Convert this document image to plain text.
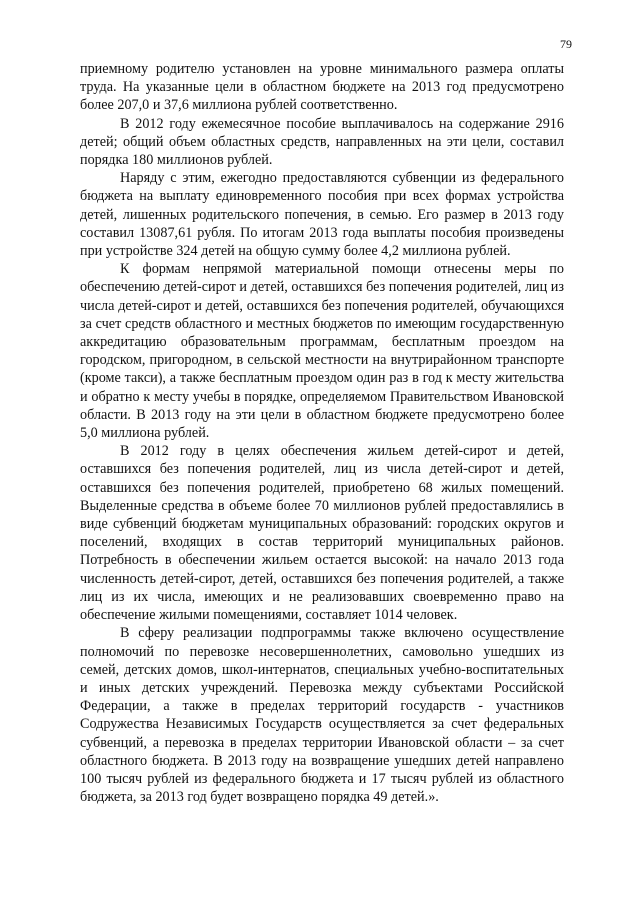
79

приемному родителю установлен на уровне минимального размера оплаты труда. На указанные цели в областном бюджете на 2013 год предусмотрено более 207,0 и 37,6 миллиона рублей соответственно.

В 2012 году ежемесячное пособие выплачивалось на содержание 2916 детей; общий объем областных средств, направленных на эти цели, составил порядка 180 миллионов рублей.

Наряду с этим, ежегодно предоставляются субвенции из федерального бюджета на выплату единовременного пособия при всех формах устройства детей, лишенных родительского попечения, в семью. Его размер в 2013 году составил 13087,61 рубля. По итогам 2013 года выплаты пособия произведены при устройстве 324 детей на общую сумму более 4,2 миллиона рублей.

К формам непрямой материальной помощи отнесены меры по обеспечению детей-сирот и детей, оставшихся без попечения родителей, лиц из числа детей-сирот и детей, оставшихся без попечения родителей, обучающихся за счет средств областного и местных бюджетов по имеющим государственную аккредитацию образовательным программам, бесплатным проездом на городском, пригородном, в сельской местности на внутрирайонном транспорте (кроме такси), а также бесплатным проездом один раз в год к месту жительства и обратно к месту учебы в порядке, определяемом Правительством Ивановской области. В 2013 году на эти цели в областном бюджете предусмотрено более 5,0 миллиона рублей.

В 2012 году в целях обеспечения жильем детей-сирот и детей, оставшихся без попечения родителей, лиц из числа детей-сирот и детей, оставшихся без попечения родителей, приобретено 68 жилых помещений. Выделенные средства в объеме более 70 миллионов рублей предоставлялись в виде субвенций бюджетам муниципальных образований: городских округов и поселений, входящих в состав территорий муниципальных районов. Потребность в обеспечении жильем остается высокой: на начало 2013 года численность детей-сирот, детей, оставшихся без попечения родителей, а также лиц из их числа, имеющих и не реализовавших своевременно право на обеспечение жилыми помещениями, составляет 1014 человек.

В сферу реализации подпрограммы также включено осуществление полномочий по перевозке несовершеннолетних, самовольно ушедших из семей, детских домов, школ-интернатов, специальных учебно-воспитательных и иных детских учреждений. Перевозка между субъектами Российской Федерации, а также в пределах территорий государств - участников Содружества Независимых Государств осуществляется за счет федеральных субвенций, а перевозка в пределах территории Ивановской области – за счет областного бюджета. В 2013 году на возвращение ушедших детей направлено 100 тысяч рублей из федерального бюджета и 17 тысяч рублей из областного бюджета, за 2013 год будет возвращено порядка 49 детей.».
